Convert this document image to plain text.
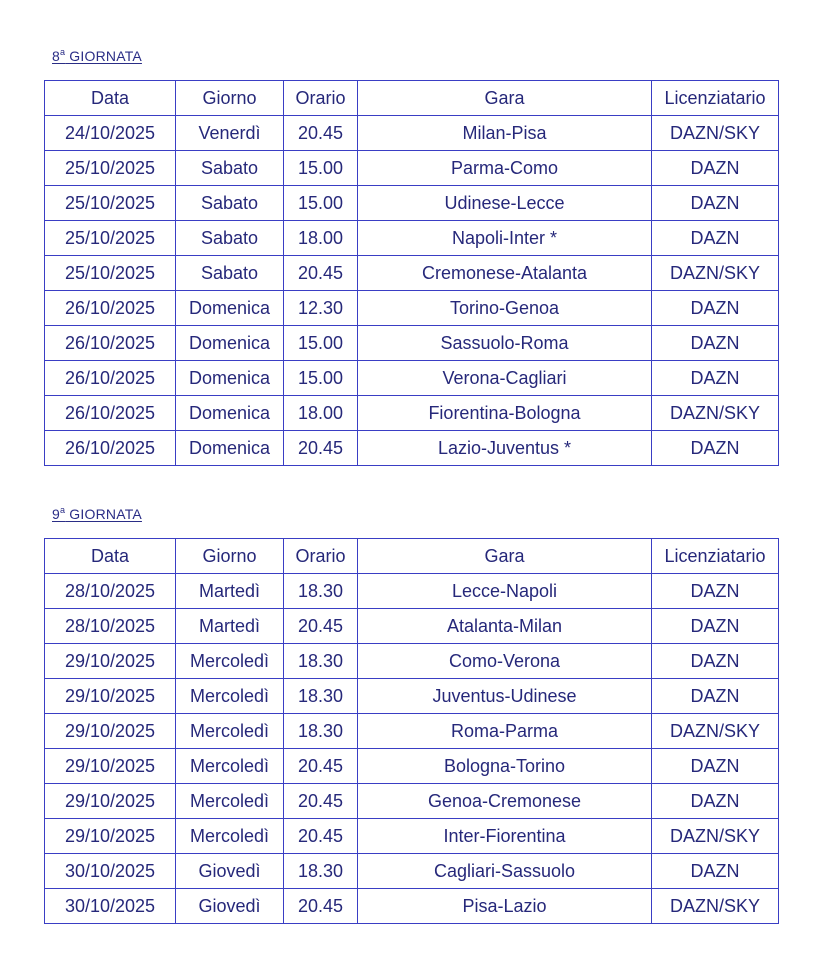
8$^a$ GIORNATA
Data	Giorno	Orario	Gara	Licenziatario
24/10/2025	Venerdì	20.45	Milan-Pisa	DAZN/SKY
25/10/2025	Sabato	15.00	Parma-Como	DAZN
25/10/2025	Sabato	15.00	Udinese-Lecce	DAZN
25/10/2025	Sabato	18.00	Napoli-Inter *	DAZN
25/10/2025	Sabato	20.45	Cremonese-Atalanta	DAZN/SKY
26/10/2025	Domenica	12.30	Torino-Genoa	DAZN
26/10/2025	Domenica	15.00	Sassuolo-Roma	DAZN
26/10/2025	Domenica	15.00	Verona-Cagliari	DAZN
26/10/2025	Domenica	18.00	Fiorentina-Bologna	DAZN/SKY
26/10/2025	Domenica	20.45	Lazio-Juventus *	DAZN
9$^a$ GIORNATA
Data	Giorno	Orario	Gara	Licenziatario
28/10/2025	Martedì	18.30	Lecce-Napoli	DAZN
28/10/2025	Martedì	20.45	Atalanta-Milan	DAZN
29/10/2025	Mercoledì	18.30	Como-Verona	DAZN
29/10/2025	Mercoledì	18.30	Juventus-Udinese	DAZN
29/10/2025	Mercoledì	18.30	Roma-Parma	DAZN/SKY
29/10/2025	Mercoledì	20.45	Bologna-Torino	DAZN
29/10/2025	Mercoledì	20.45	Genoa-Cremonese	DAZN
29/10/2025	Mercoledì	20.45	Inter-Fiorentina	DAZN/SKY
30/10/2025	Giovedì	18.30	Cagliari-Sassuolo	DAZN
30/10/2025	Giovedì	20.45	Pisa-Lazio	DAZN/SKY
